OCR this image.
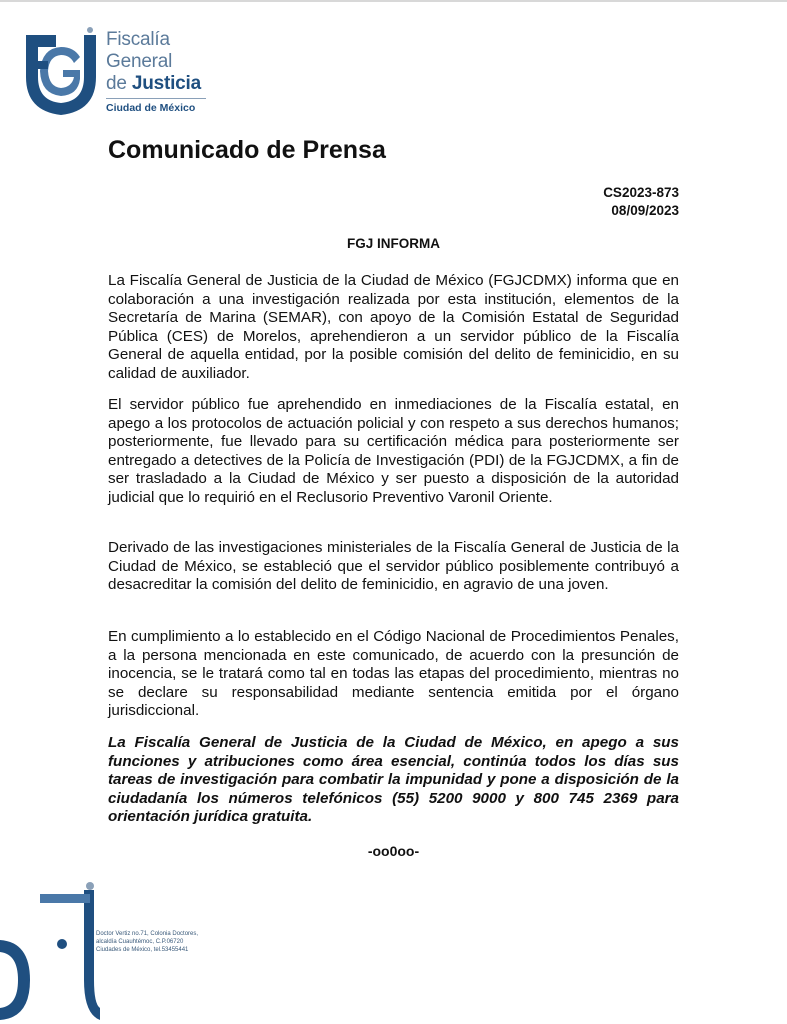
Fiscalía
General
de Justicia
Ciudad de México
Comunicado de Prensa
CS2023-873
08/09/2023
FGJ INFORMA

La Fiscalía General de Justicia de la Ciudad de México (FGJCDMX) informa que en colaboración a una investigación realizada por esta institución, elementos de la Secretaría de Marina (SEMAR), con apoyo de la Comisión Estatal de Seguridad Pública (CES) de Morelos, aprehendieron a un servidor público de la Fiscalía General de aquella entidad, por la posible comisión del delito de feminicidio, en su calidad de auxiliador.

El servidor público fue aprehendido en inmediaciones de la Fiscalía estatal, en apego a los protocolos de actuación policial y con respeto a sus derechos humanos; posteriormente, fue llevado para su certificación médica para posteriormente ser entregado a detectives de la Policía de Investigación (PDI) de la FGJCDMX, a fin de ser trasladado a la Ciudad de México y ser puesto a disposición de la autoridad judicial que lo requirió en el Reclusorio Preventivo Varonil Oriente.

Derivado de las investigaciones ministeriales de la Fiscalía General de Justicia de la Ciudad de México, se estableció que el servidor público posiblemente contribuyó a desacreditar la comisión del delito de feminicidio, en agravio de una joven.

En cumplimiento a lo establecido en el Código Nacional de Procedimientos Penales, a la persona mencionada en este comunicado, de acuerdo con la presunción de inocencia, se le tratará como tal en todas las etapas del procedimiento, mientras no se declare su responsabilidad mediante sentencia emitida por el órgano jurisdiccional.

La Fiscalía General de Justicia de la Ciudad de México, en apego a sus funciones y atribuciones como área esencial, continúa todos los días sus tareas de investigación para combatir la impunidad y pone a disposición de la ciudadanía los números telefónicos (55) 5200 9000 y 800 745 2369 para orientación jurídica gratuita.

-oo0oo-
Doctor Vertiz no.71, Colonia Doctores,
alcaldía Cuauhtémoc, C.P.06720
Ciudades de México, tel.53455441
